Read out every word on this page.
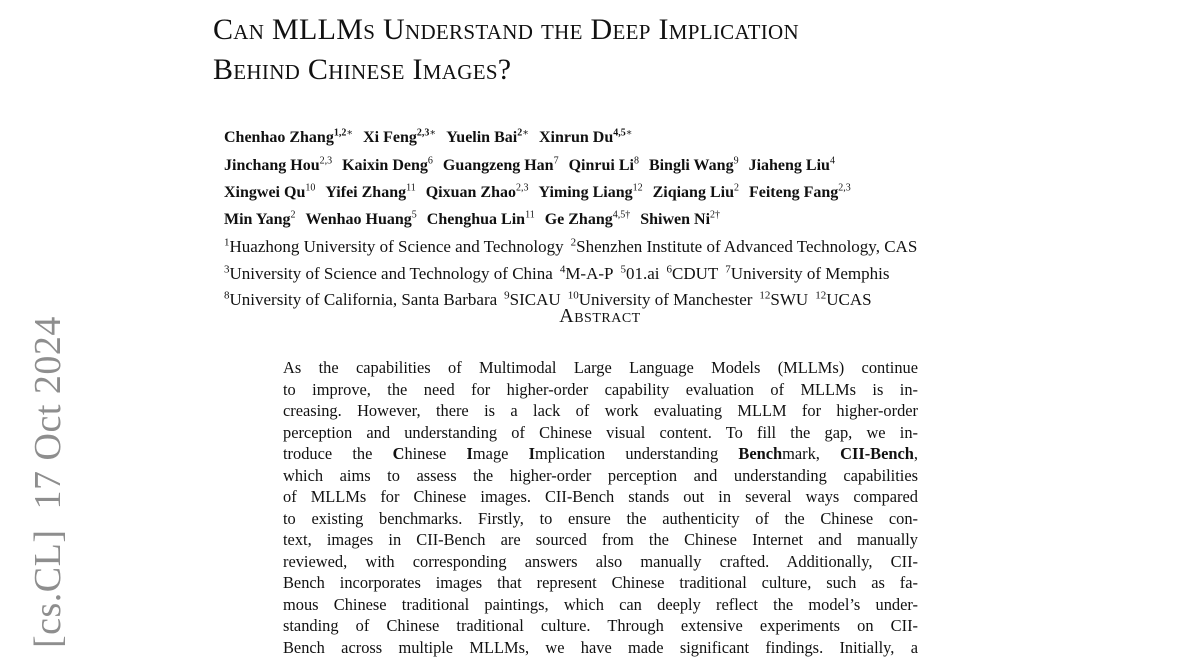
Can MLLMs Understand the Deep Implication
Behind Chinese Images?
Chenhao Zhang$^{1,2∗}$ Xi Feng$^{2,3∗}$ Yuelin Bai$^{2∗}$ Xinrun $Du^{4,5∗}$
Jinchang Hou$^{2,3}$ Kaixin Deng$^6$ Guangzeng Han$^7$ Qinrui Li$^8$ Bingli Wang$^9$ Jiaheng Liu$^4$
Xingwei Qu$^{10}$ Yifei Zhang$^{11}$ Qixuan Zhao$^{2,3}$ Yiming Liang$^{12}$ Ziqiang Liu$^2$ Feiteng Fang$^{2,3}$
Min Yang$^2$ Wenhao Huang$^5$ Chenghua Lin$^{11}$ Ge Zhang$^{4,5\dagger}$ Shiwen $Ni^{2\dagger}$
$^1$Huazhong University of Science and Technology $^2$Shenzhen Institute of Advanced Technology, CAS
$^3$University of Science and Technology of China $^4$M-A-P $^5$01.ai $^6$CDUT $^7$University of Memphis
$^8$University of California, Santa Barbara $^9$SICAU $^{10}$University of Manchester $^{12}$SWU $^{12}$UCAS
Abstract
As the capabilities of Multimodal Large Language Models (MLLMs) continue
to improve, the need for higher-order capability evaluation of MLLMs is in-
creasing. However, there is a lack of work evaluating MLLM for higher-order
perception and understanding of Chinese visual content. To fill the gap, we in-
troduce the Chinese Image Implication understanding Benchmark, CII-Bench,
which aims to assess the higher-order perception and understanding capabilities
of MLLMs for Chinese images. CII-Bench stands out in several ways compared
to existing benchmarks. Firstly, to ensure the authenticity of the Chinese con-
text, images in CII-Bench are sourced from the Chinese Internet and manually
reviewed, with corresponding answers also manually crafted. Additionally, CII-
Bench incorporates images that represent Chinese traditional culture, such as fa-
mous Chinese traditional paintings, which can deeply reflect the model’s under-
standing of Chinese traditional culture. Through extensive experiments on CII-
Bench across multiple MLLMs, we have made significant findings. Initially, a
[cs.CL]  17 Oct 2024
